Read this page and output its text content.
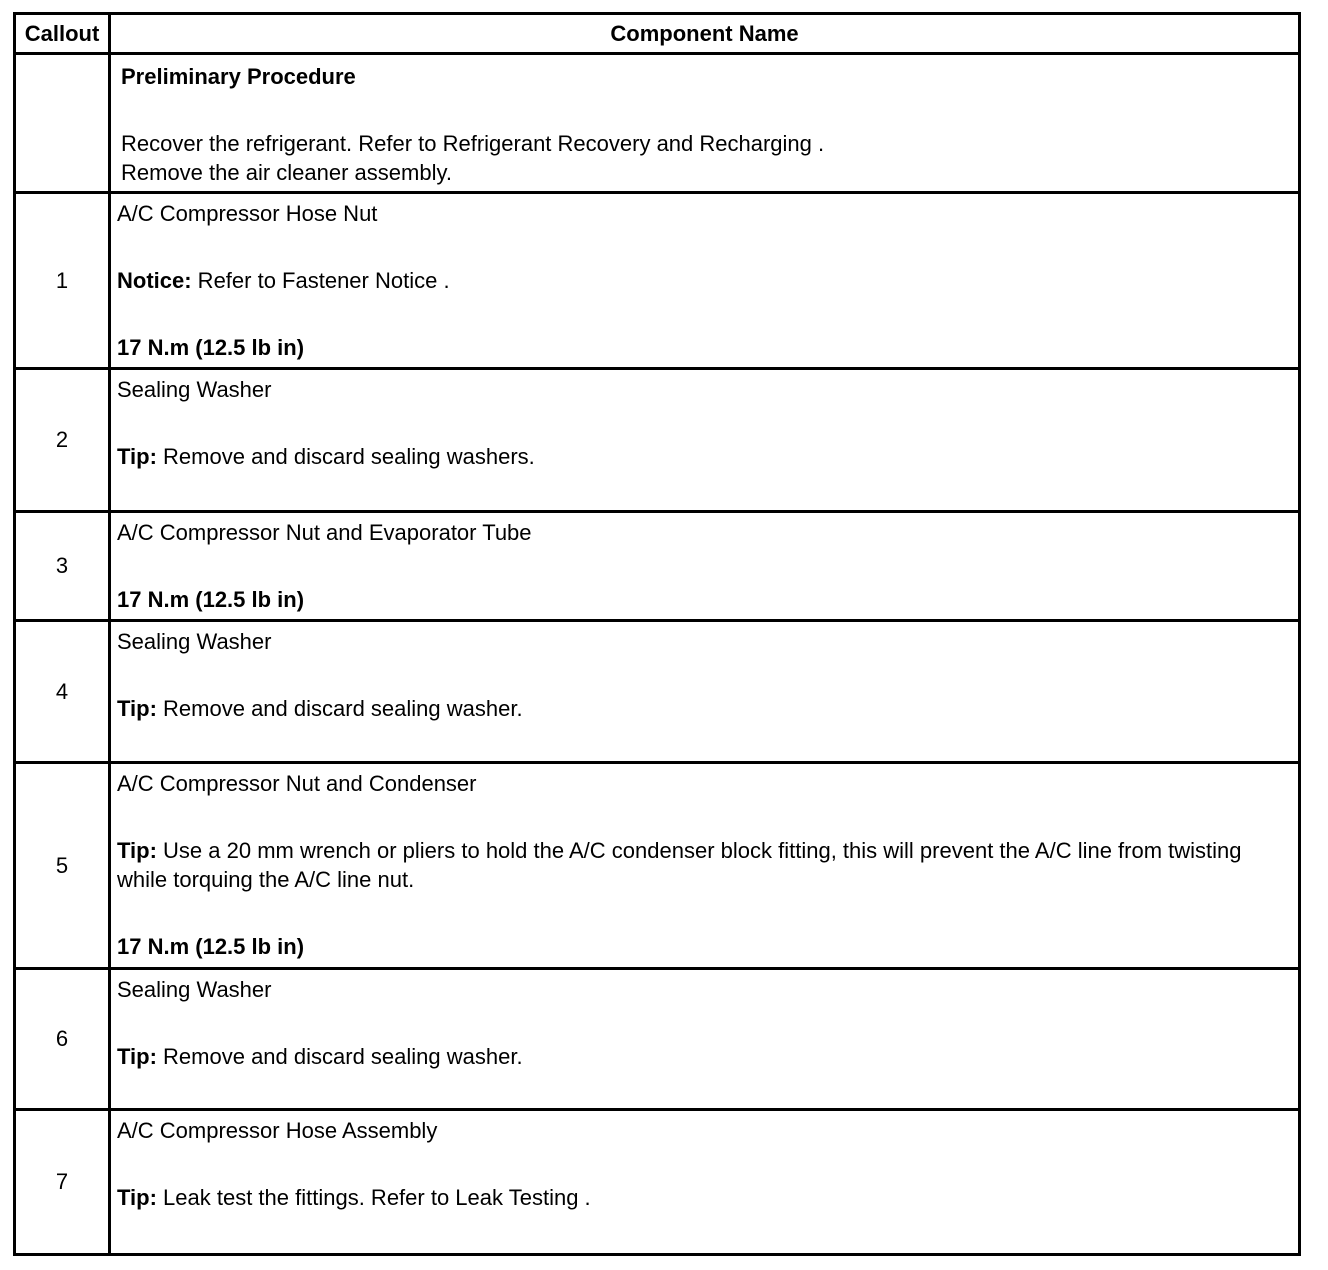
Callout	Component Name

	Preliminary Procedure

Recover the refrigerant. Refer to Refrigerant Recovery and Recharging .

Remove the air cleaner assembly.

1	A/C Compressor Hose Nut

Notice: Refer to Fastener Notice .

17 N.m (12.5 lb in)

2	Sealing Washer

Tip: Remove and discard sealing washers.

3	A/C Compressor Nut and Evaporator Tube

17 N.m (12.5 lb in)

4	Sealing Washer

Tip: Remove and discard sealing washer.

5	A/C Compressor Nut and Condenser

Tip: Use a 20 mm wrench or pliers to hold the A/C condenser block fitting, this will prevent the A/C line from twisting while torquing the A/C line nut.

17 N.m (12.5 lb in)

6	Sealing Washer

Tip: Remove and discard sealing washer.

7	A/C Compressor Hose Assembly

Tip: Leak test the fittings. Refer to Leak Testing .
